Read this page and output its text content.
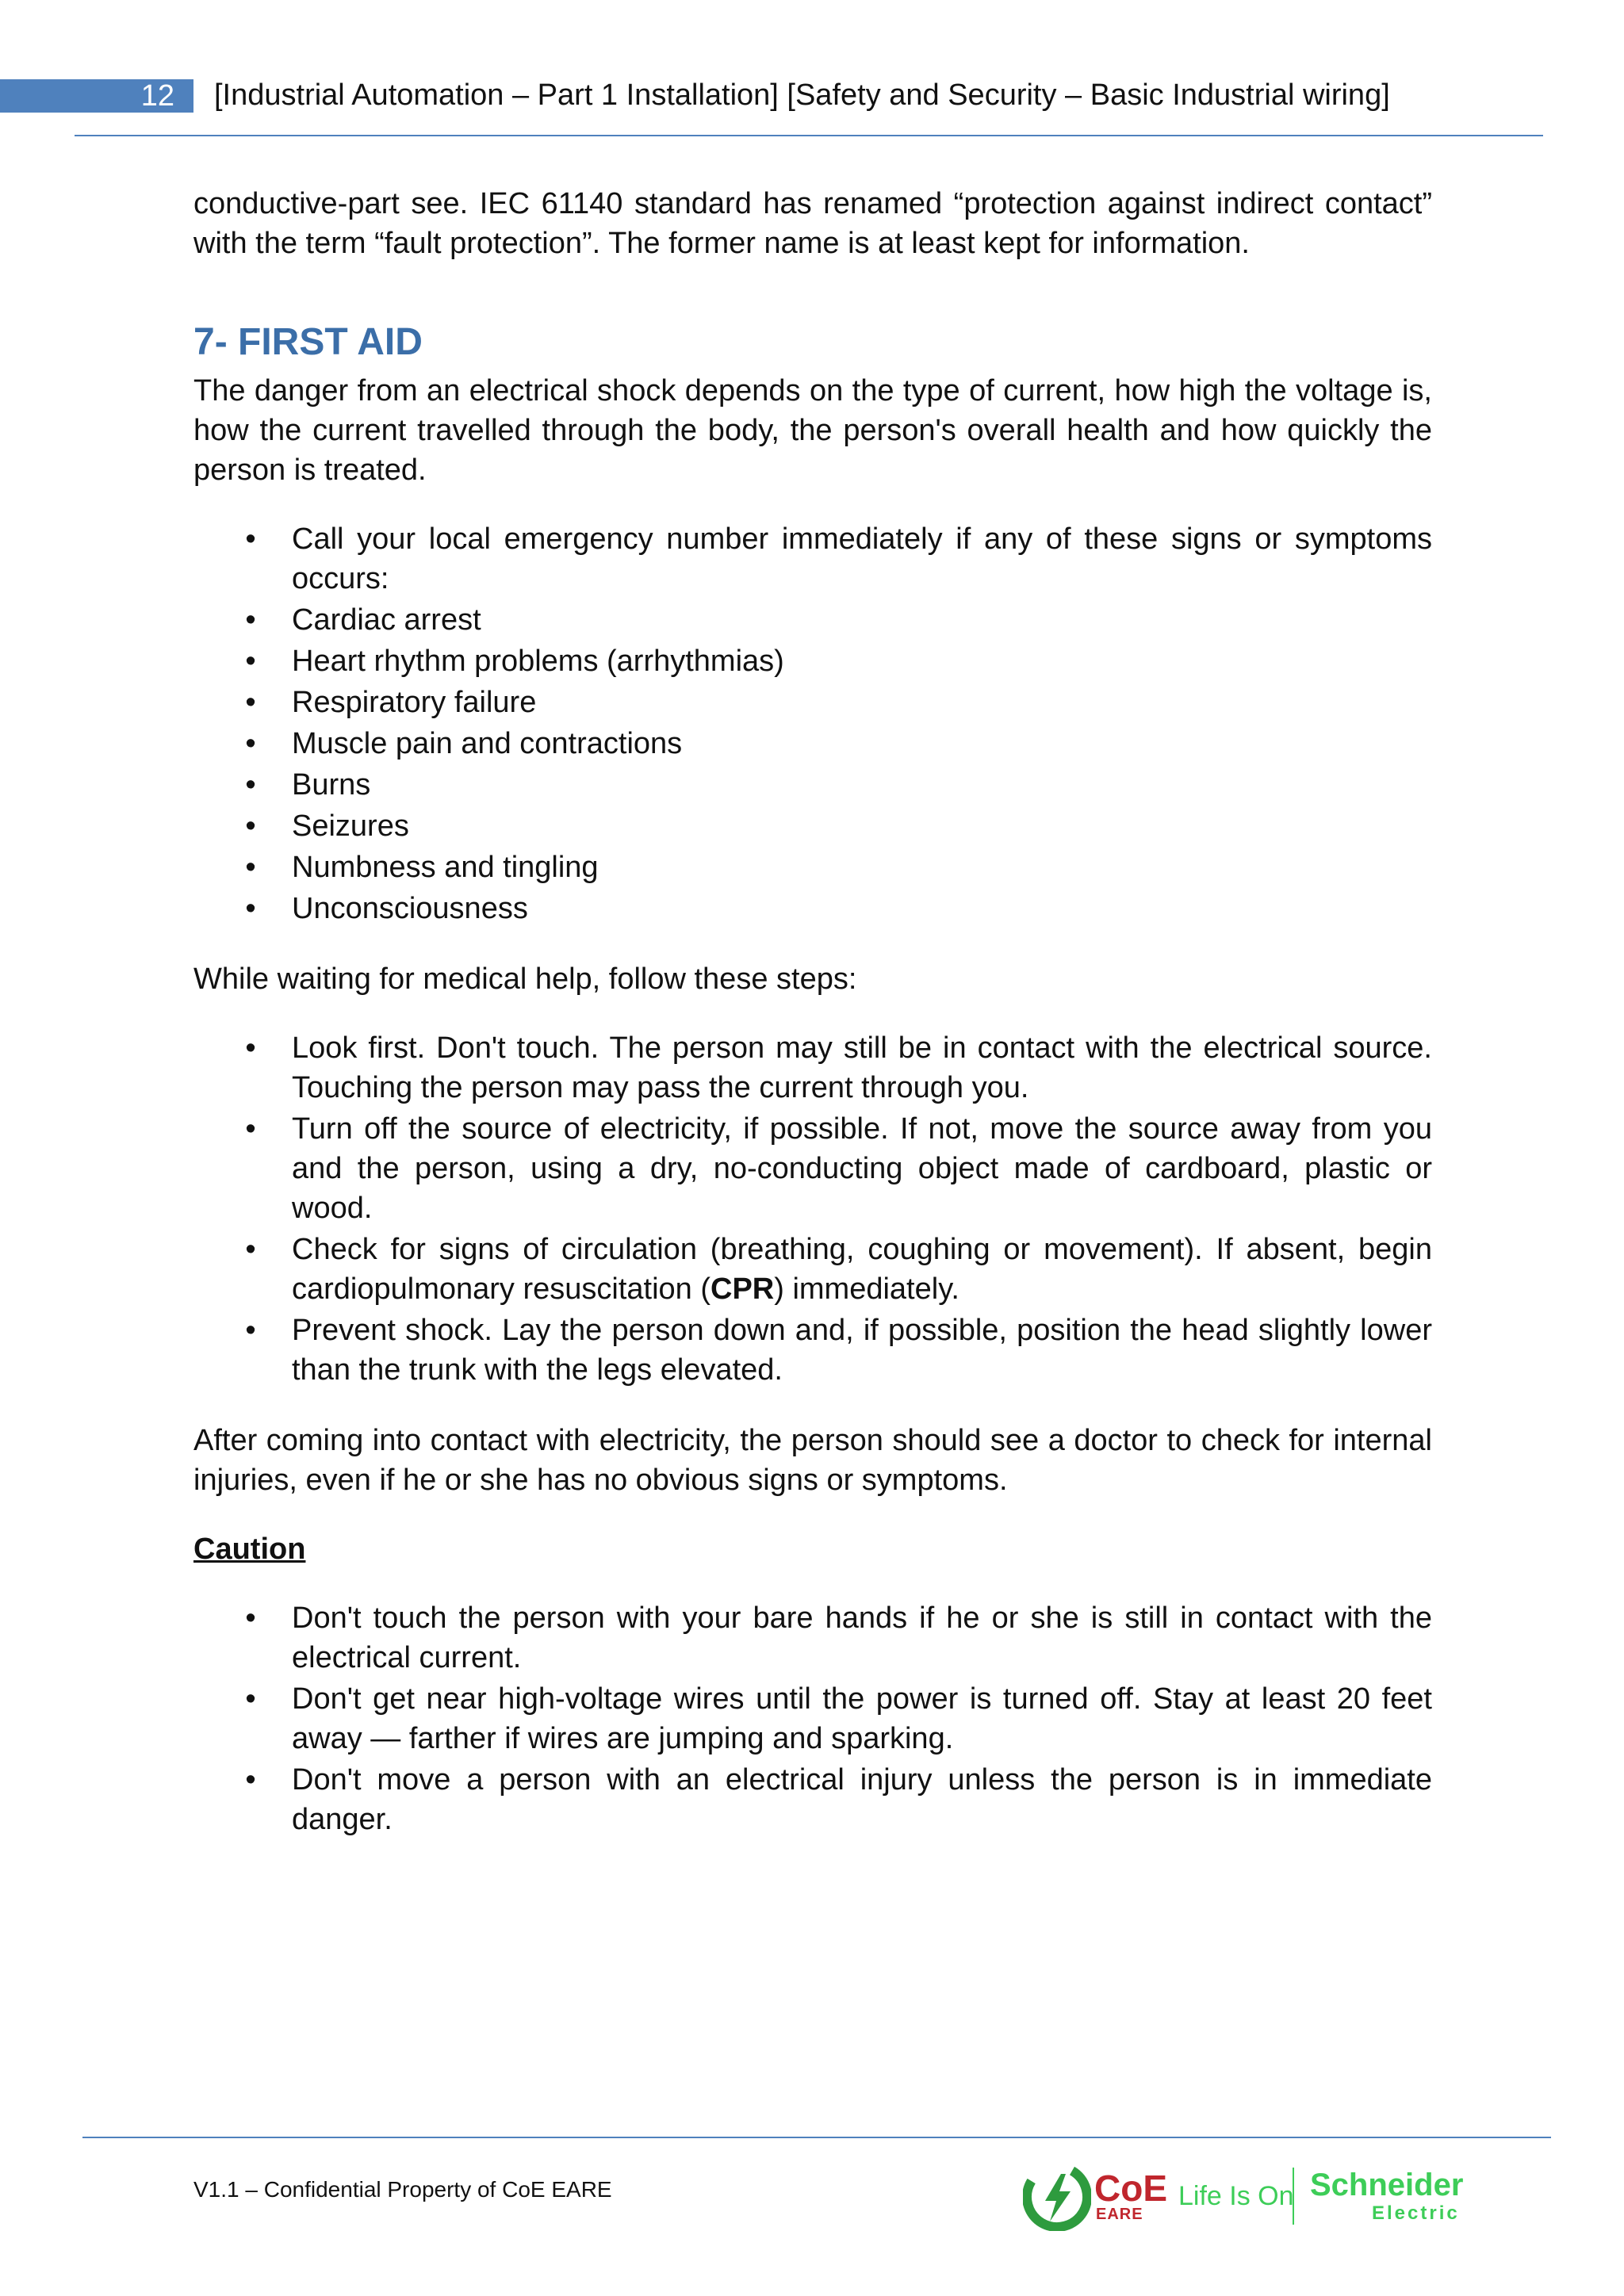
12	[Industrial Automation – Part 1 Installation] [Safety and Security – Basic Industrial wiring]

conductive-part see. IEC 61140 standard has renamed “protection against indirect contact” with the term “fault protection”. The former name is at least kept for information.

7- FIRST AID

The danger from an electrical shock depends on the type of current, how high the voltage is, how the current travelled through the body, the person's overall health and how quickly the person is treated.

• Call your local emergency number immediately if any of these signs or symptoms occurs:
• Cardiac arrest
• Heart rhythm problems (arrhythmias)
• Respiratory failure
• Muscle pain and contractions
• Burns
• Seizures
• Numbness and tingling
• Unconsciousness

While waiting for medical help, follow these steps:

• Look first. Don't touch. The person may still be in contact with the electrical source. Touching the person may pass the current through you.
• Turn off the source of electricity, if possible. If not, move the source away from you and the person, using a dry, no-conducting object made of cardboard, plastic or wood.
• Check for signs of circulation (breathing, coughing or movement). If absent, begin cardiopulmonary resuscitation (CPR) immediately.
• Prevent shock. Lay the person down and, if possible, position the head slightly lower than the trunk with the legs elevated.

After coming into contact with electricity, the person should see a doctor to check for internal injuries, even if he or she has no obvious signs or symptoms.

Caution

• Don't touch the person with your bare hands if he or she is still in contact with the electrical current.
• Don't get near high-voltage wires until the power is turned off. Stay at least 20 feet away — farther if wires are jumping and sparking.
• Don't move a person with an electrical injury unless the person is in immediate danger.
V1.1 – Confidential Property of CoE EARE	CoE
EARE
Life Is On Schneider
Electric
